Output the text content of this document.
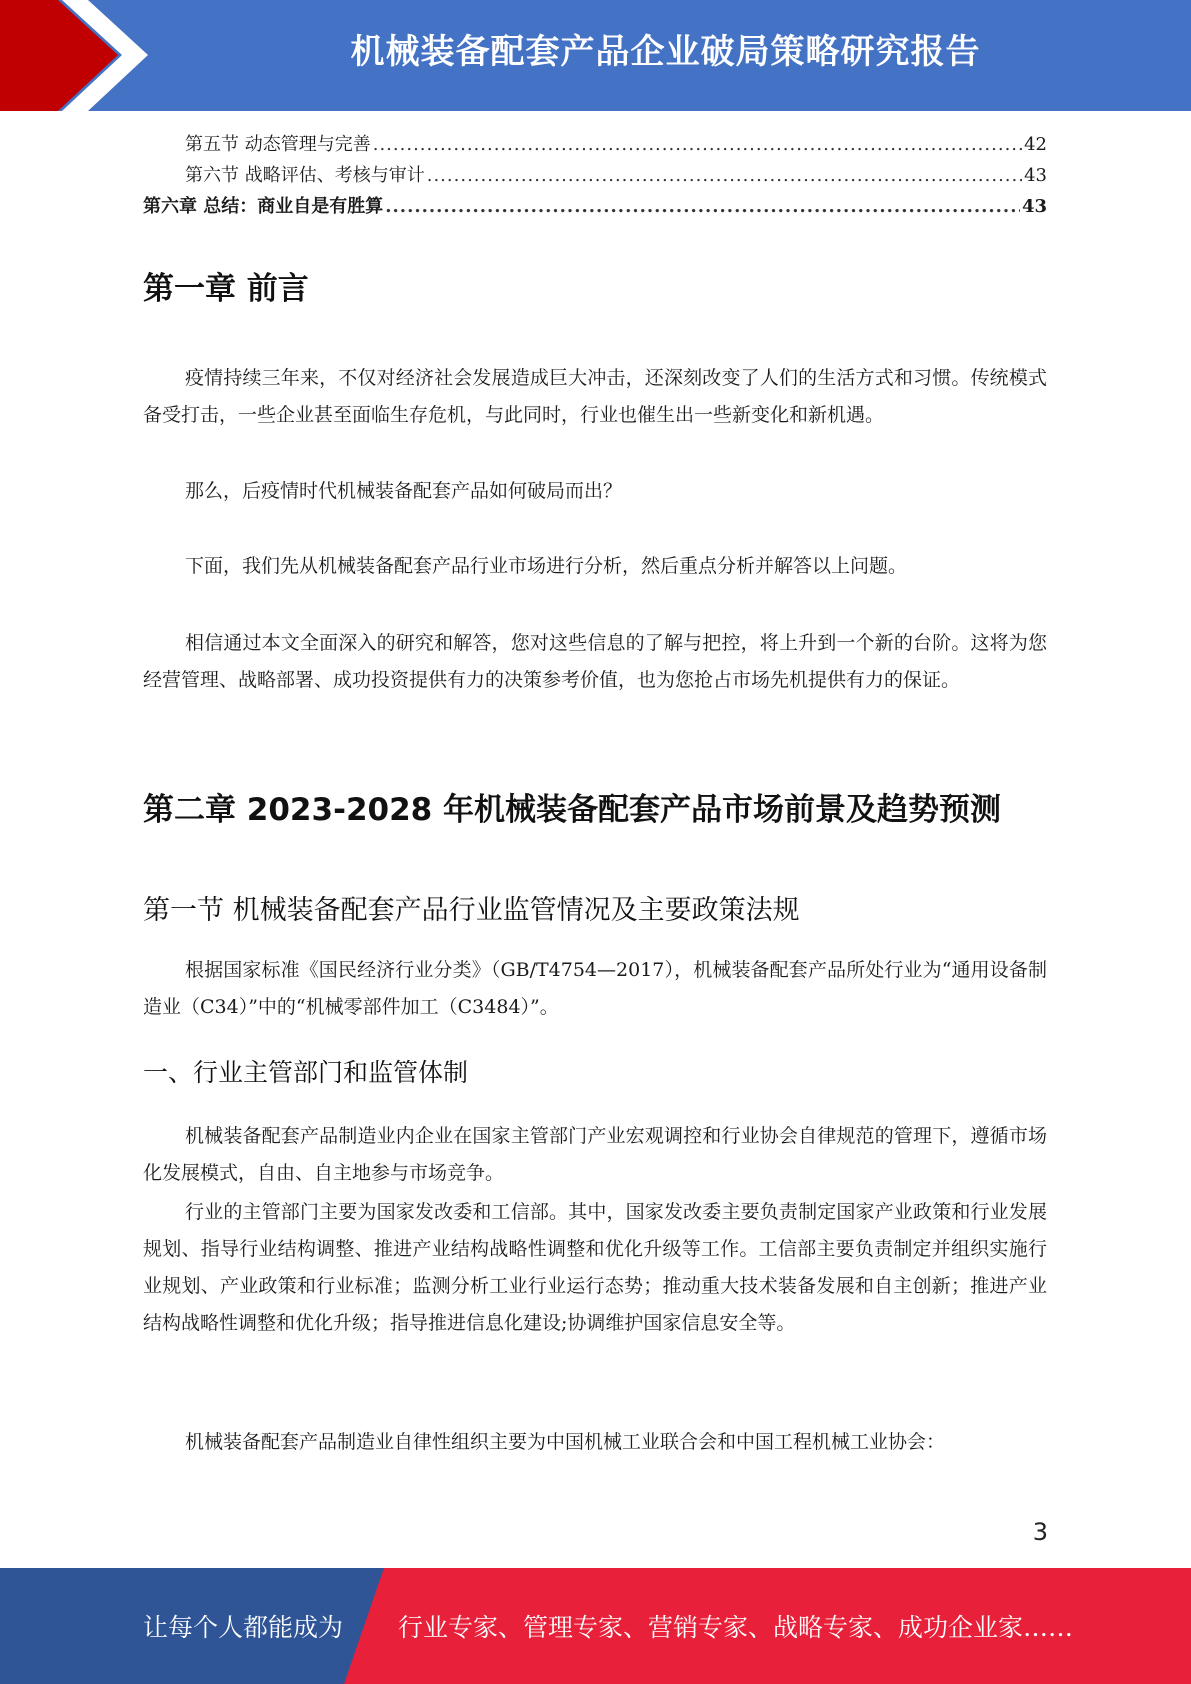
机械装备配套产品企业破局策略研究报告
第五节 动态管理与完善 .....	42
第六节 战略评估、考核与审计 .....	43
第六章 总结：商业自是有胜算 .....	43
第一章 前言

疫情持续三年来，不仅对经济社会发展造成巨大冲击，还深刻改变了人们的生活方式和习惯。传统模式备受打击，一些企业甚至面临生存危机，与此同时，行业也催生出一些新变化和新机遇。

那么，后疫情时代机械装备配套产品如何破局而出？

下面，我们先从机械装备配套产品行业市场进行分析，然后重点分析并解答以上问题。

相信通过本文全面深入的研究和解答，您对这些信息的了解与把控，将上升到一个新的台阶。这将为您经营管理、战略部署、成功投资提供有力的决策参考价值，也为您抢占市场先机提供有力的保证。

第二章 2023-2028 年机械装备配套产品市场前景及趋势预测
第一节 机械装备配套产品行业监管情况及主要政策法规

根据国家标准《国民经济行业分类》（GB/T4754—2017），机械装备配套产品所处行业为“通用设备制造业（C34）”中的“机械零部件加工（C3484）”。

一、行业主管部门和监管体制

机械装备配套产品制造业内企业在国家主管部门产业宏观调控和行业协会自律规范的管理下，遵循市场化发展模式，自由、自主地参与市场竞争。

行业的主管部门主要为国家发改委和工信部。其中，国家发改委主要负责制定国家产业政策和行业发展规划、指导行业结构调整、推进产业结构战略性调整和优化升级等工作。工信部主要负责制定并组织实施行业规划、产业政策和行业标准；监测分析工业行业运行态势；推动重大技术装备发展和自主创新；推进产业结构战略性调整和优化升级；指导推进信息化建设;协调维护国家信息安全等。

机械装备配套产品制造业自律性组织主要为中国机械工业联合会和中国工程机械工业协会：

3
让每个人都能成为 行业专家、管理专家、营销专家、战略专家、成功企业家……
